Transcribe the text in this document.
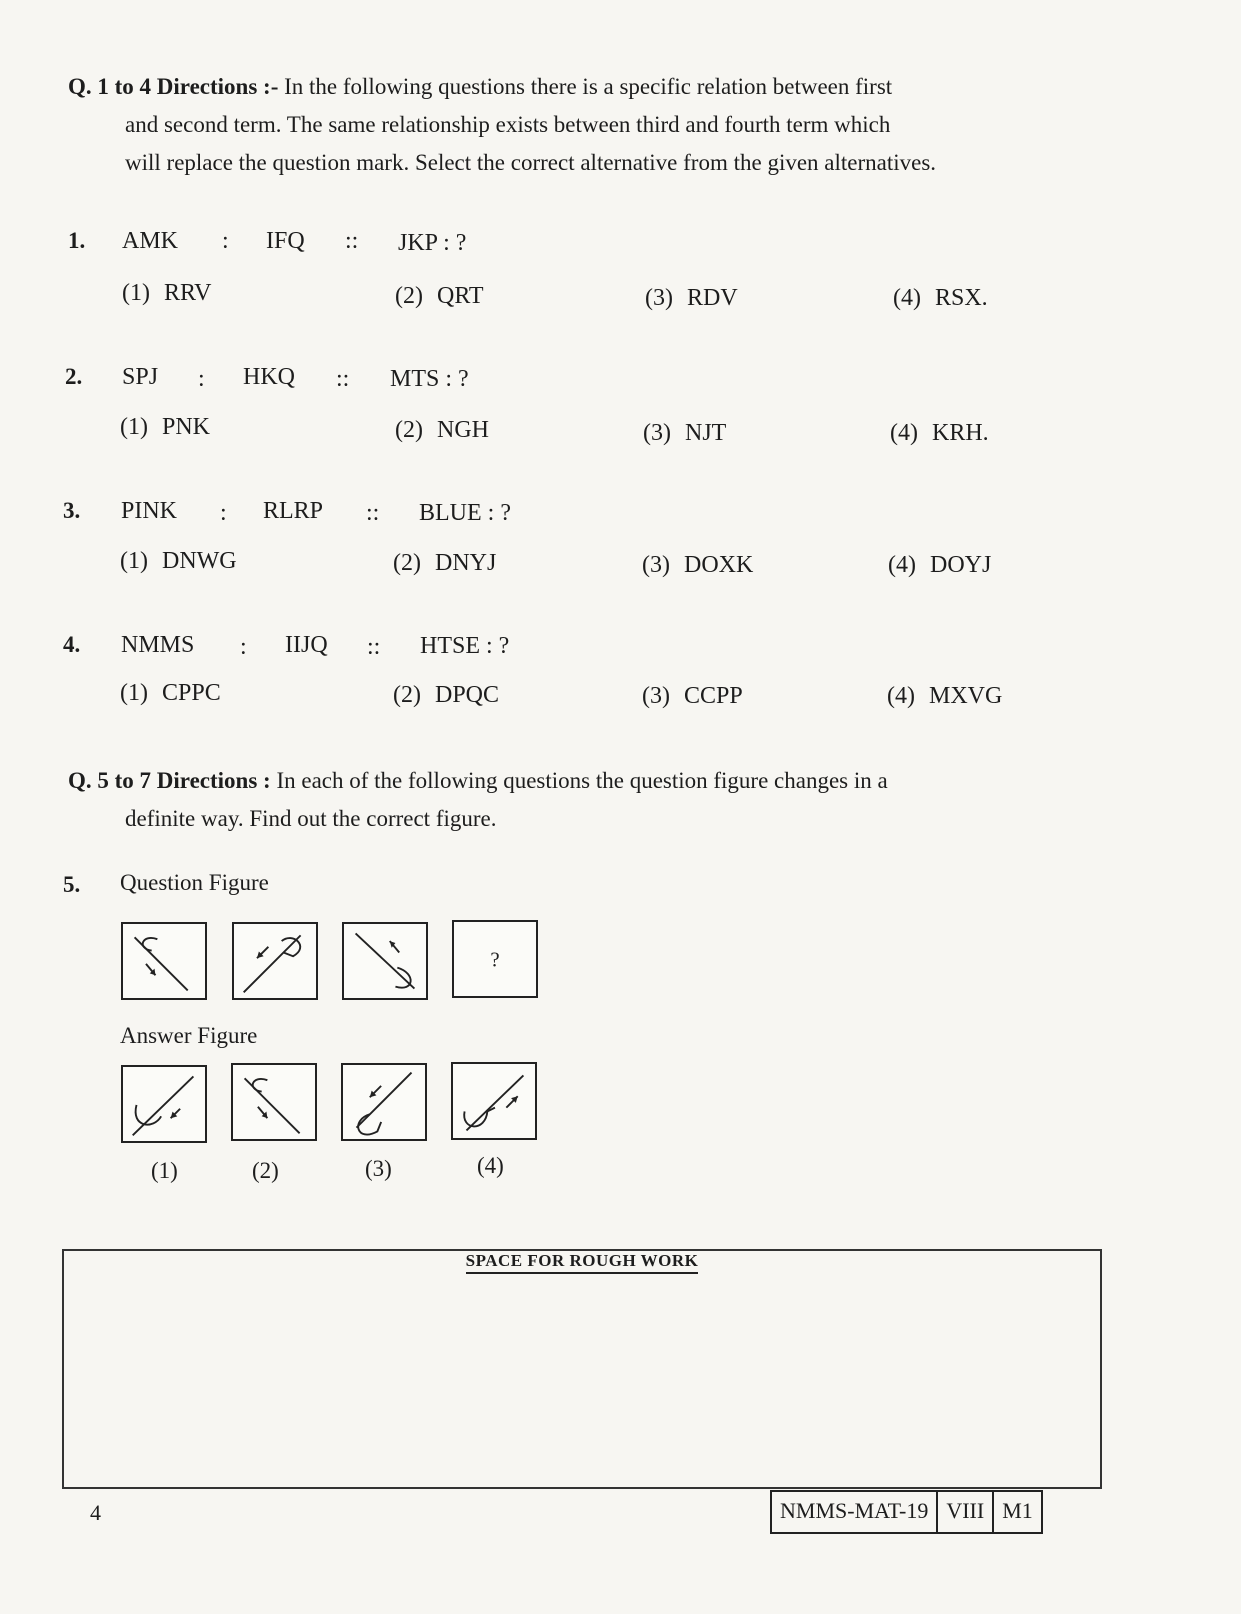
Q. 1 to 4 Directions :- In the following questions there is a specific relation between first
and second term. The same relationship exists between third and fourth term which
will replace the question mark. Select the correct alternative from the given alternatives.
1. AMK : IFQ :: JKP : ?
(1) RRV	(2) QRT	(3) RDV	(4) RSX.
2. SPJ : HKQ :: MTS : ?
(1) PNK	(2) NGH	(3) NJT	(4) KRH.
3. PINK : RLRP :: BLUE : ?
(1) DNWG	(2) DNYJ	(3) DOXK	(4) DOYJ
4. NMMS : IIJQ :: HTSE : ?
(1) CPPC	(2) DPQC	(3) CCPP	(4) MXVG
Q. 5 to 7 Directions : In each of the following questions the question figure changes in a
definite way. Find out the correct figure.
5. Question Figure
?
Answer Figure
(1)	(2)	(3)	(4)
SPACE FOR ROUGH WORK
4	NMMS-MAT-19 VIII M1
